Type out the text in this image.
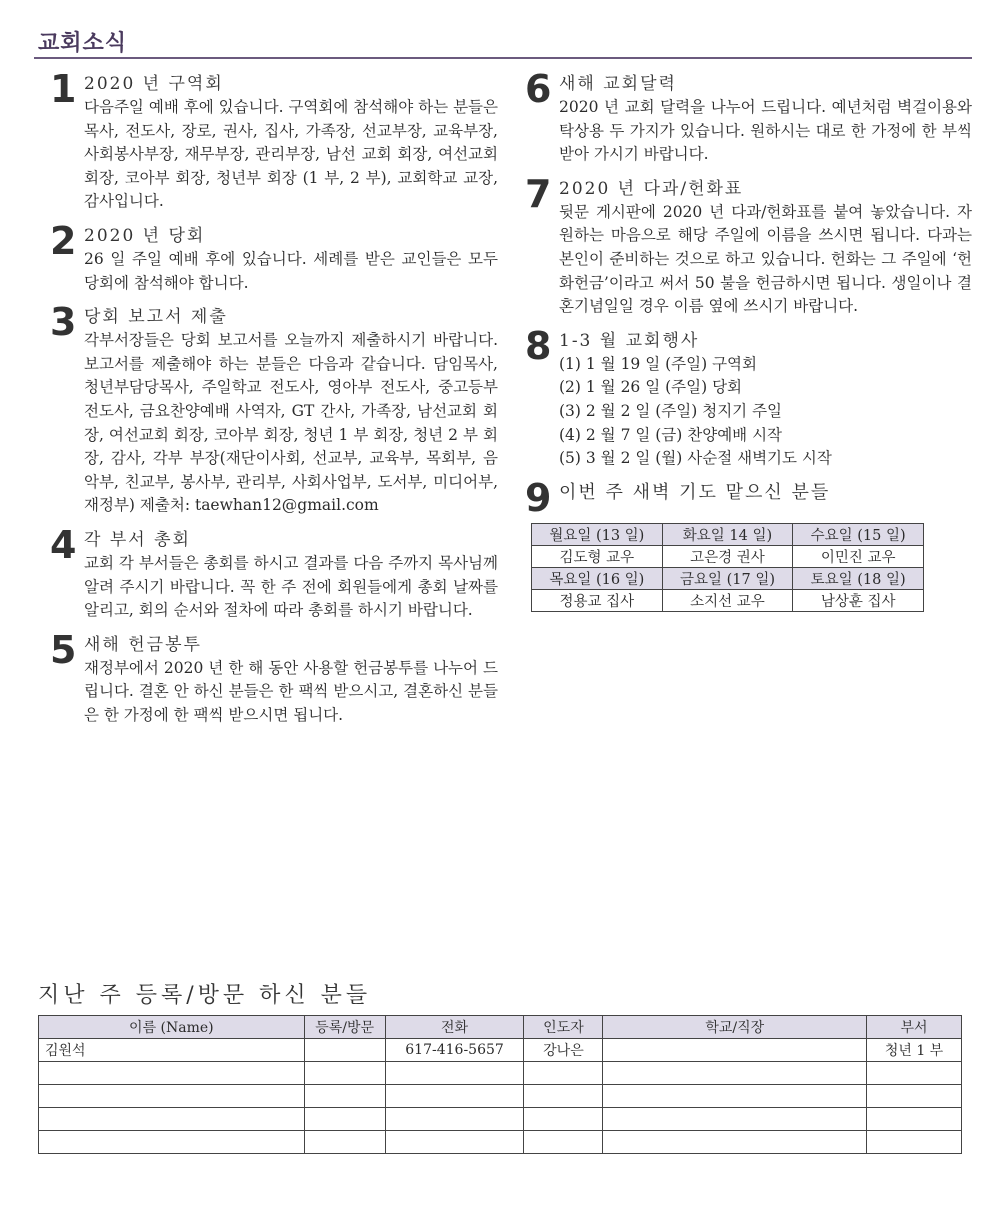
교회소식
1 2020 년 구역회
다음주일 예배 후에 있습니다. 구역회에 참석해야 하는 분들은 목사, 전도사, 장로, 권사, 집사, 가족장, 선교부장, 교육부장, 사회봉사부장, 재무부장, 관리부장, 남선 교회 회장, 여선교회 회장, 코아부 회장, 청년부 회장 (1 부, 2 부), 교회학교 교장, 감사입니다.
2 2020 년 당회
26 일 주일 예배 후에 있습니다. 세례를 받은 교인들은 모두 당회에 참석해야 합니다.
3 당회 보고서 제출
각부서장들은 당회 보고서를 오늘까지 제출하시기 바랍니다. 보고서를 제출해야 하는 분들은 다음과 같습니다. 담임목사, 청년부담당목사, 주일학교 전도사, 영아부 전도사, 중고등부 전도사, 금요찬양예배 사역자, GT 간사, 가족장, 남선교회 회장, 여선교회 회장, 코아부 회장, 청년 1 부 회장, 청년 2 부 회장, 감사, 각부 부장(재단이사회, 선교부, 교육부, 목회부, 음악부, 친교부, 봉사부, 관리부, 사회사업부, 도서부, 미디어부, 재정부) 제출처: taewhan12@gmail.com
4 각 부서 총회
교회 각 부서들은 총회를 하시고 결과를 다음 주까지 목사님께 알려 주시기 바랍니다. 꼭 한 주 전에 회원들에게 총회 날짜를 알리고, 회의 순서와 절차에 따라 총회를 하시기 바랍니다.
5 새해 헌금봉투
재정부에서 2020 년 한 해 동안 사용할 헌금봉투를 나누어 드립니다. 결혼 안 하신 분들은 한 팩씩 받으시고, 결혼하신 분들은 한 가정에 한 팩씩 받으시면 됩니다.
6 새해 교회달력
2020 년 교회 달력을 나누어 드립니다. 예년처럼 벽걸이용와 탁상용 두 가지가 있습니다. 원하시는 대로 한 가정에 한 부씩 받아 가시기 바랍니다.
7 2020 년 다과/헌화표
뒷문 게시판에 2020 년 다과/헌화표를 붙여 놓았습니다. 자원하는 마음으로 해당 주일에 이름을 쓰시면 됩니다. 다과는 본인이 준비하는 것으로 하고 있습니다. 헌화는 그 주일에 ‘헌화헌금’이라고 써서 50 불을 헌금하시면 됩니다. 생일이나 결혼기념일일 경우 이름 옆에 쓰시기 바랍니다.
8 1-3 월 교회행사
(1) 1 월 19 일 (주일) 구역회
(2) 1 월 26 일 (주일) 당회
(3) 2 월 2 일 (주일) 청지기 주일
(4) 2 월 7 일 (금) 찬양예배 시작
(5) 3 월 2 일 (월) 사순절 새벽기도 시작
9 이번 주 새벽 기도 맡으신 분들
월요일 (13 일)	화요일 14 일)	수요일 (15 일)
김도형 교우	고은경 권사	이민진 교우
목요일 (16 일)	금요일 (17 일)	토요일 (18 일)
정용교 집사	소지선 교우	남상훈 집사
지난 주 등록/방문 하신 분들
이름 (Name)	등록/방문	전화	인도자	학교/직장	부서
김원석		617-416-5657	강나은		청년 1 부
